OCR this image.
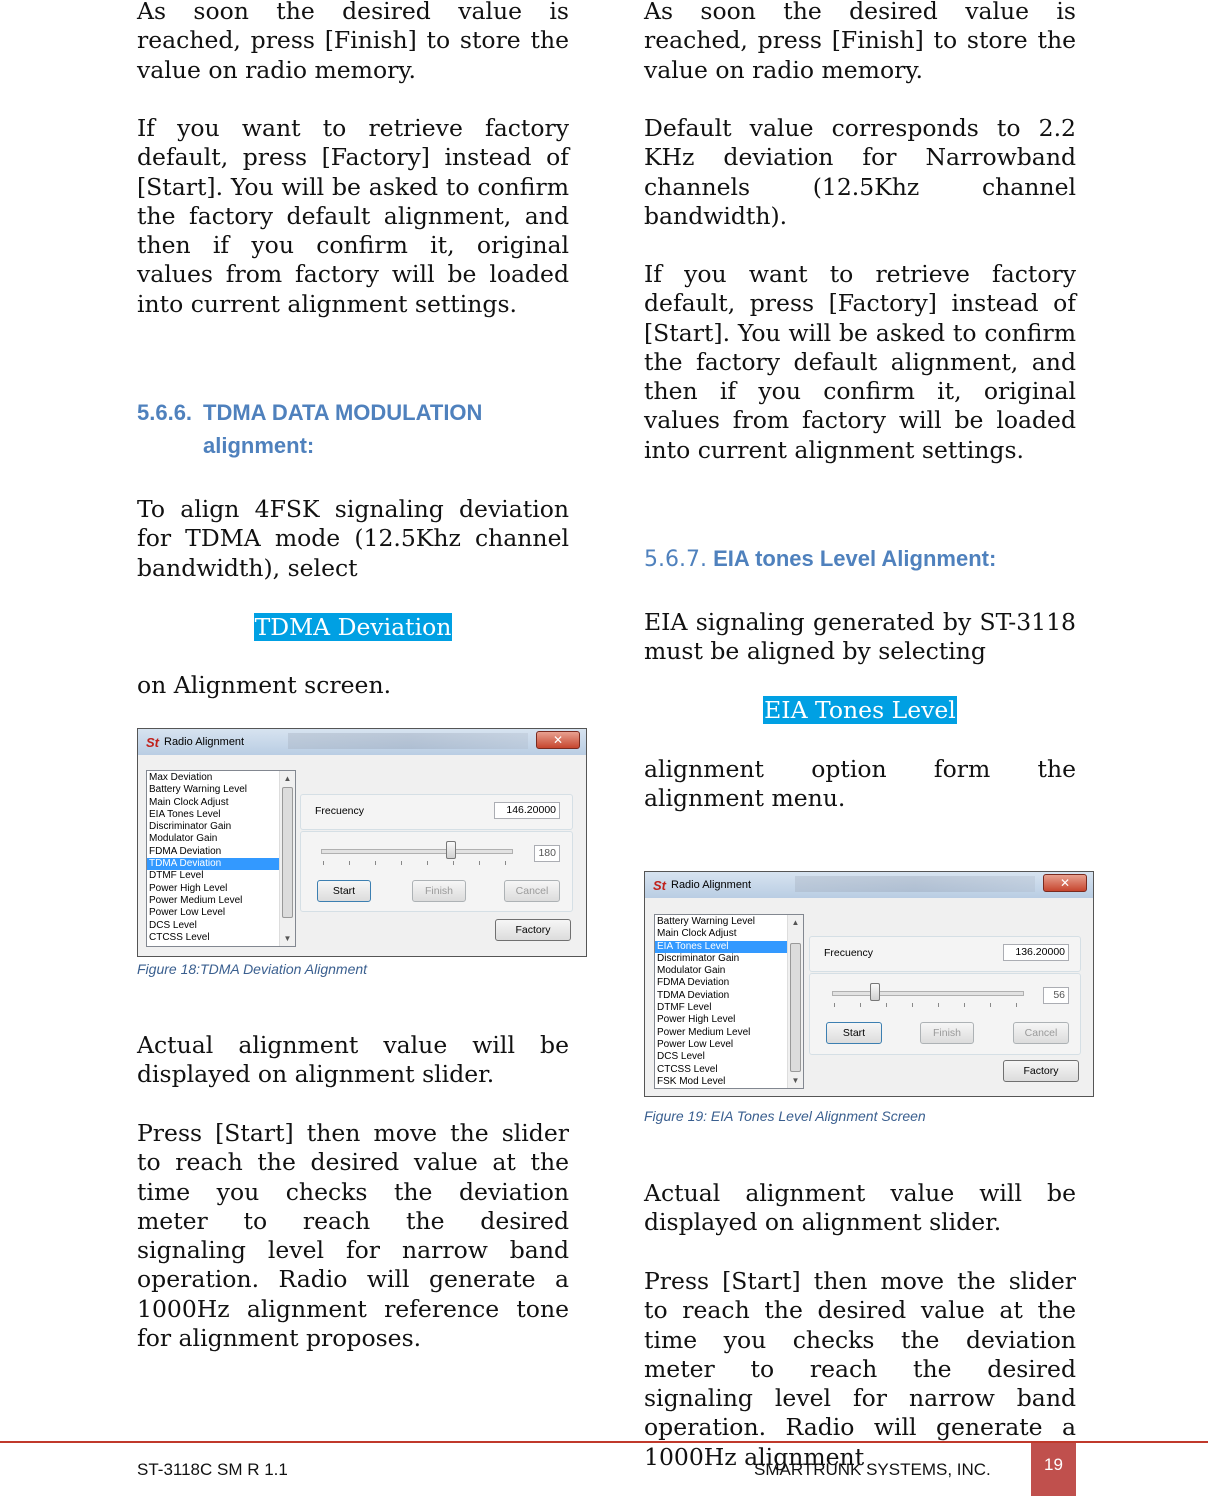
As soon the desired value is reached, press [Finish] to store the value on radio memory.

If you want to retrieve factory default, press [Factory] instead of [Start]. You will be asked to confirm the factory default alignment, and then if you confirm it, original values from factory will be loaded into current alignment settings.

5.6.6. TDMA DATA MODULATION
alignment:

To align 4FSK signaling deviation for TDMA mode (12.5Khz channel bandwidth), select

TDMA Deviation

on Alignment screen.

Figure 18:TDMA Deviation Alignment

Actual alignment value will be displayed on alignment slider.

Press [Start] then move the slider to reach the desired value at the time you checks the deviation meter to reach the desired signaling level for narrow band operation. Radio will generate a 1000Hz alignment reference tone for alignment proposes.

St Radio Alignment	✕
Max Deviation
Battery Warning Level
Main Clock Adjust
EIA Tones Level
Discriminator Gain
Modulator Gain
FDMA Deviation
TDMA Deviation
DTMF Level
Power High Level
Power Medium Level
Power Low Level
DCS Level
CTCSS Level
▲
▼
Frecuency	146.20000
180
Start	Finish	Cancel
Factory

As soon the desired value is reached, press [Finish] to store the value on radio memory.

Default value corresponds to 2.2 KHz deviation for Narrowband channels (12.5Khz channel bandwidth).

If you want to retrieve factory default, press [Factory] instead of [Start]. You will be asked to confirm the factory default alignment, and then if you confirm it, original values from factory will be loaded into current alignment settings.

5.6.7. EIA tones Level Alignment:

EIA signaling generated by ST-3118 must be aligned by selecting

EIA Tones Level

alignment option form the alignment menu.

Figure 19: EIA Tones Level Alignment Screen

Actual alignment value will be displayed on alignment slider.

Press [Start] then move the slider to reach the desired value at the time you checks the deviation meter to reach the desired signaling level for narrow band operation. Radio will generate a 1000Hz alignment

St Radio Alignment	✕
Battery Warning Level
Main Clock Adjust
EIA Tones Level
Discriminator Gain
Modulator Gain
FDMA Deviation
TDMA Deviation
DTMF Level
Power High Level
Power Medium Level
Power Low Level
DCS Level
CTCSS Level
FSK Mod Level
▲
▼
Frecuency	136.20000
56
Start	Finish	Cancel
Factory
ST-3118C SM R 1.1	SMARTRUNK SYSTEMS, INC.	19
